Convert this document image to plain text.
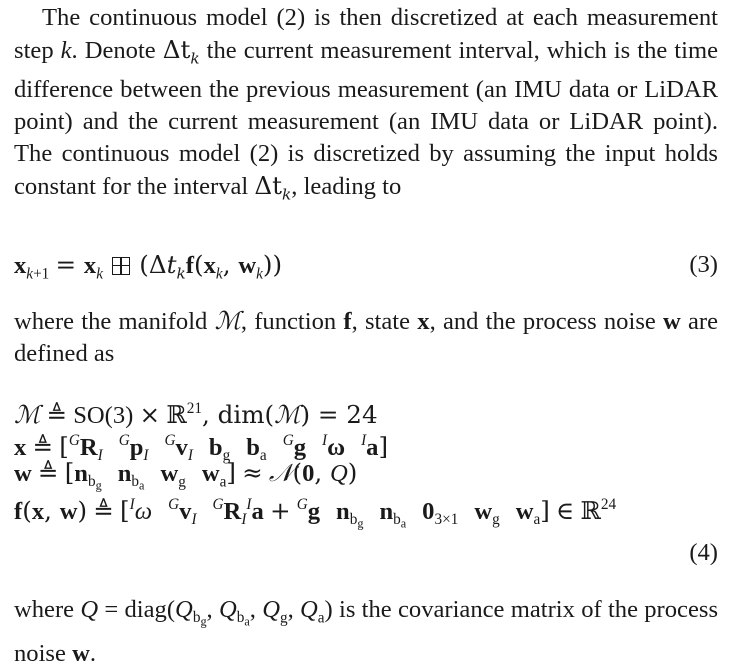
The continuous model (2) is then discretized at each measurement step k. Denote $\Delta t_k$ the current measurement interval, which is the time difference between the previous measurement (an IMU data or LiDAR point) and the current measurement (an IMU data or LiDAR point). The continuous model (2) is discretized by assuming the input holds constant for the interval $\Delta t_k$, leading to

$x_{k+1} = x_k$ ($\Delta t_kf(x_k$, $w_k$))	(3)

where the manifold ℳ, function f, state x, and the process noise w are defined as

ℳ ≜ SO(3) × ℝ$^{21}$, dim(ℳ) = 24
x ≜ [$^GR_I^Gp_I^Gv_I$ $b_g$ $b_a^Gg$ $^I$ω $^I$a]
w ≜ [$n_{b_g}$ $n_{b_a}$ $w_g$ $w_a$] ≈ 𝒩(0, Q)
f(x, w) ≜ [$^I$ω $^Gv_I^GR_I^Ia + ^Gg$ $n_{b_g}$ $n_{b_a}$ $0_{3\times 1}$ $w_g$ $w_a$] ∈ ℝ$^{24}$
(4)

where $Q = diag(Q_{b_g}$, $Q_{b_a}$, $Q_g$, $Q_a$) is the covariance matrix of the process noise w.
